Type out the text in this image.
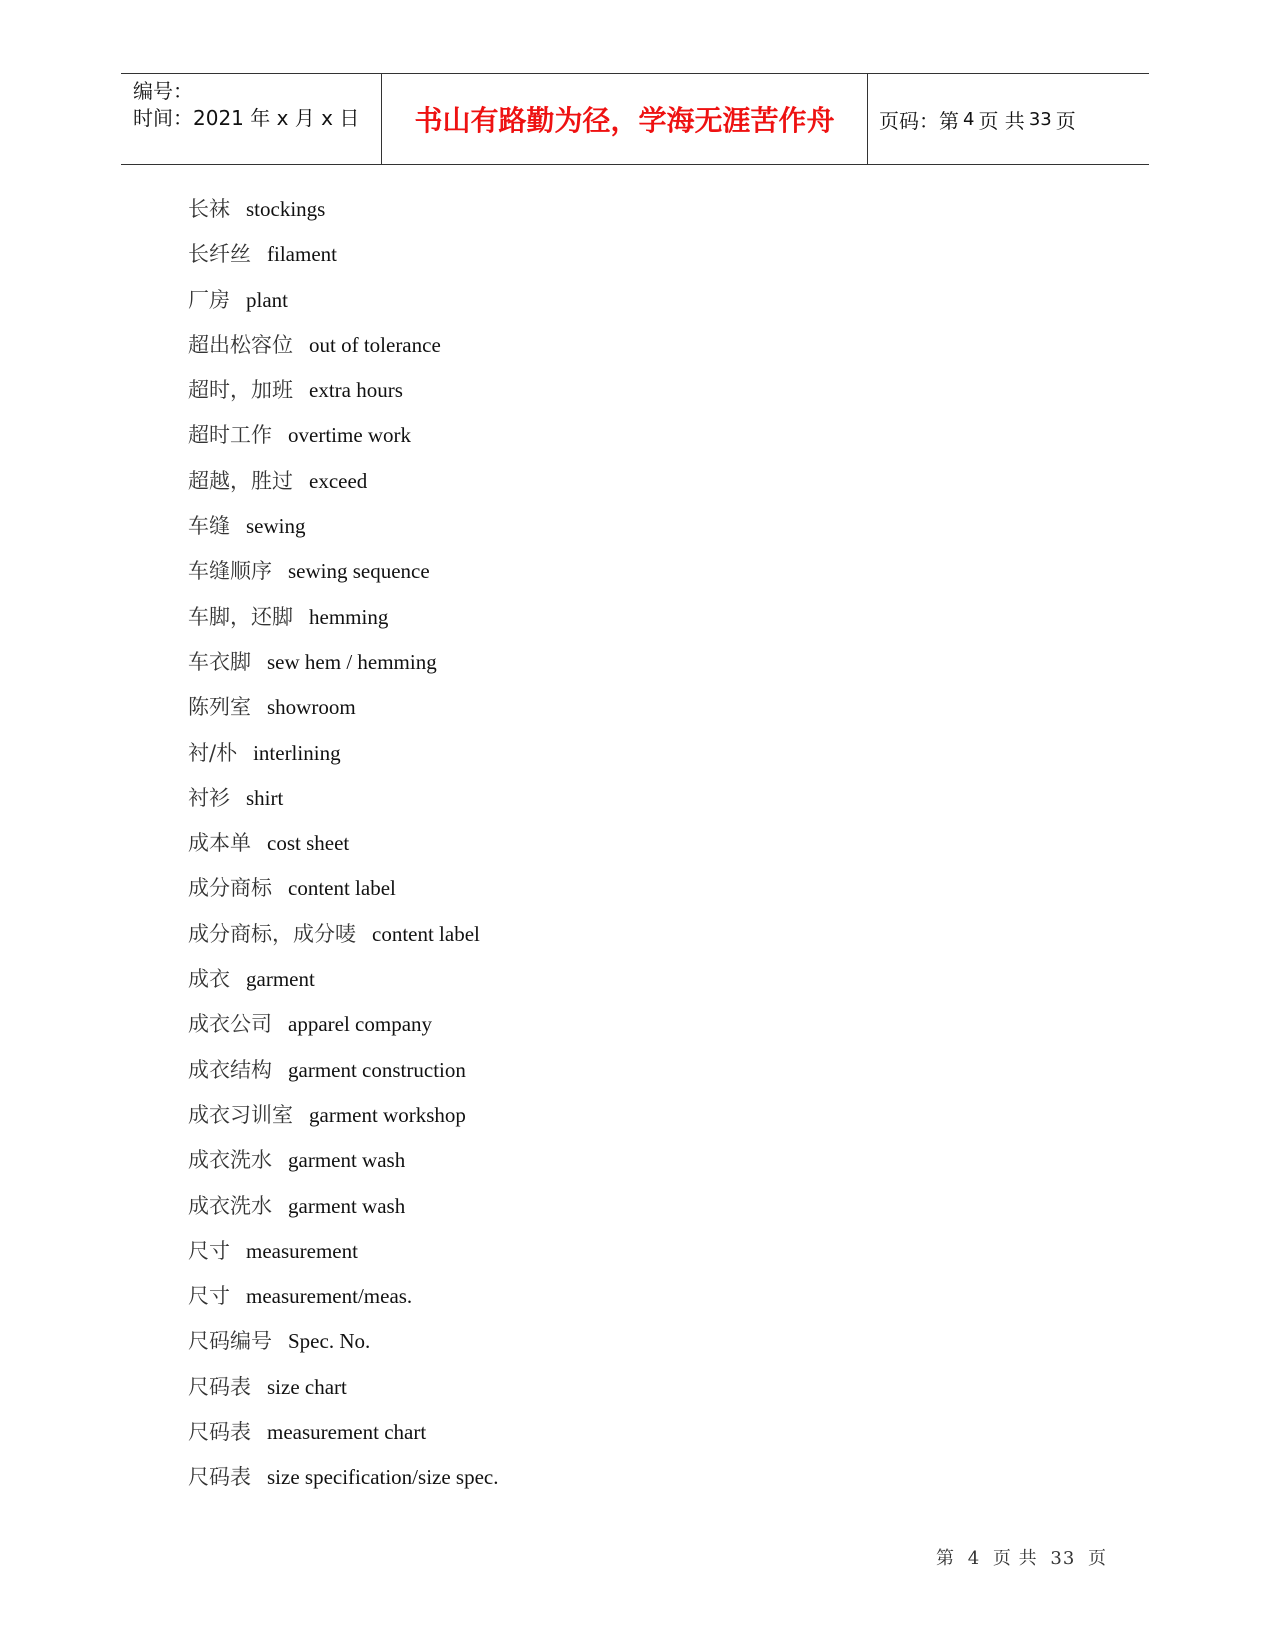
编号：
时间：2021 年 x 月 x 日 书山有路勤为径，学海无涯苦作舟 页码：第 4 页 共 33 页
长袜 stockings
长纤丝 filament
厂房 plant
超出松容位 out of tolerance
超时，加班 extra hours
超时工作 overtime work
超越，胜过 exceed
车缝 sewing
车缝顺序 sewing sequence
车脚，还脚 hemming
车衣脚 sew hem / hemming
陈列室 showroom
衬/朴 interlining
衬衫 shirt
成本单 cost sheet
成分商标 content label
成分商标，成分唛 content label
成衣 garment
成衣公司 apparel company
成衣结构 garment construction
成衣习训室 garment workshop
成衣洗水 garment wash
成衣洗水 garment wash
尺寸 measurement
尺寸 measurement/meas.
尺码编号 Spec. No.
尺码表 size chart
尺码表 measurement chart
尺码表 size specification/size spec.
第 4 页 共 33 页
